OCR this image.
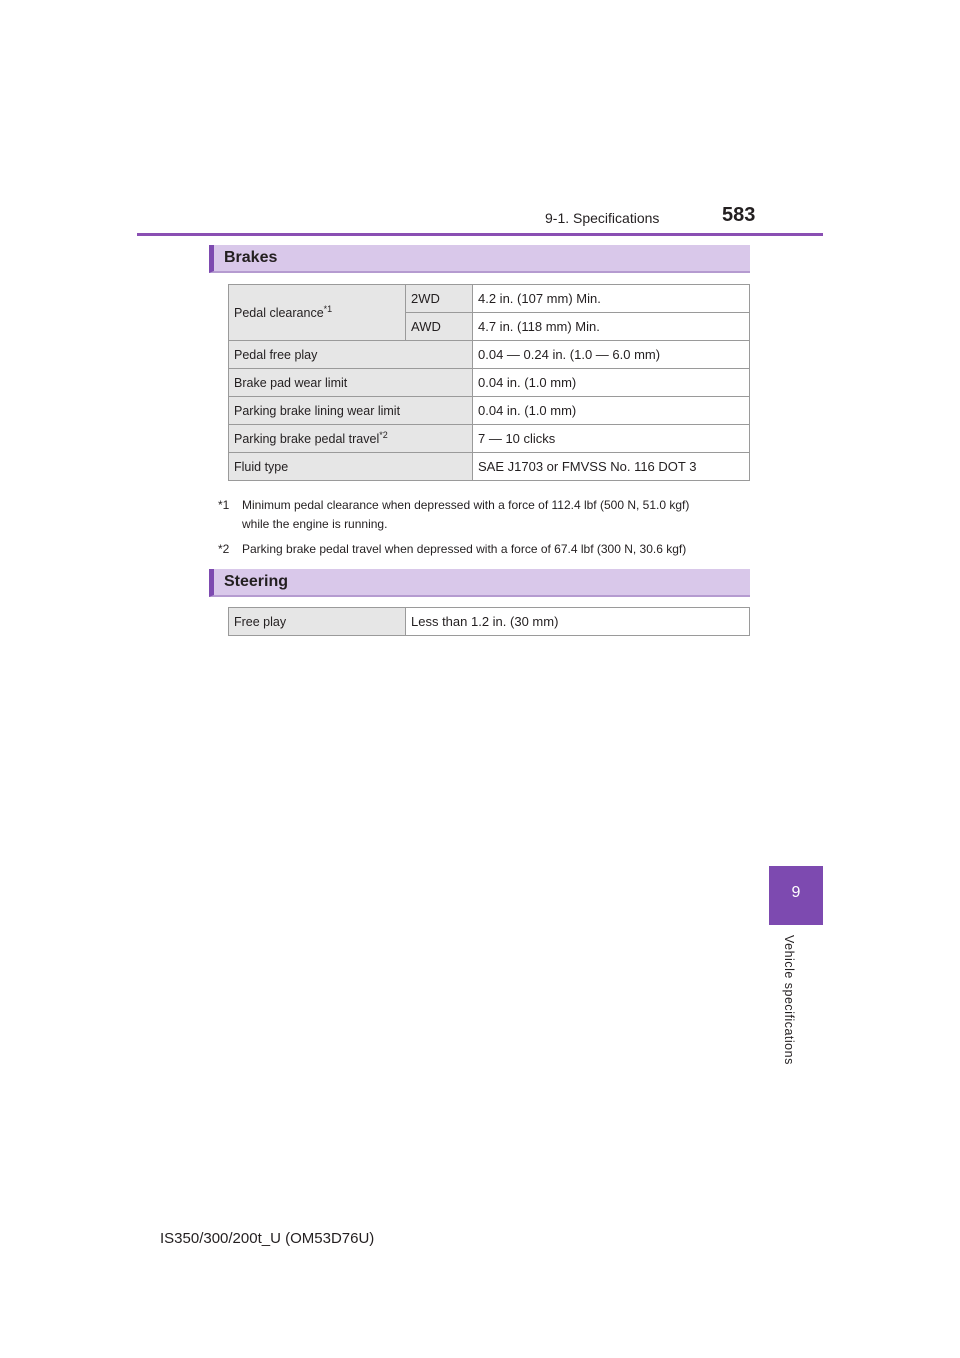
9-1. Specifications	583
Brakes
Pedal clearance$^{*1}$	2WD	4.2 in. (107 mm) Min.
	AWD	4.7 in. (118 mm) Min.
Pedal free play		0.04 — 0.24 in. (1.0 — 6.0 mm)
Brake pad wear limit		0.04 in. (1.0 mm)
Parking brake lining wear limit		0.04 in. (1.0 mm)
Parking brake pedal travel$^{*2}$		7 — 10 clicks
Fluid type		SAE J1703 or FMVSS No. 116 DOT 3
*1 Minimum pedal clearance when depressed with a force of 112.4 lbf (500 N, 51.0 kgf)
while the engine is running.
*2 Parking brake pedal travel when depressed with a force of 67.4 lbf (300 N, 30.6 kgf)
Steering
Free play	Less than 1.2 in. (30 mm)
9
Vehicle specifications
IS350/300/200t_U (OM53D76U)
